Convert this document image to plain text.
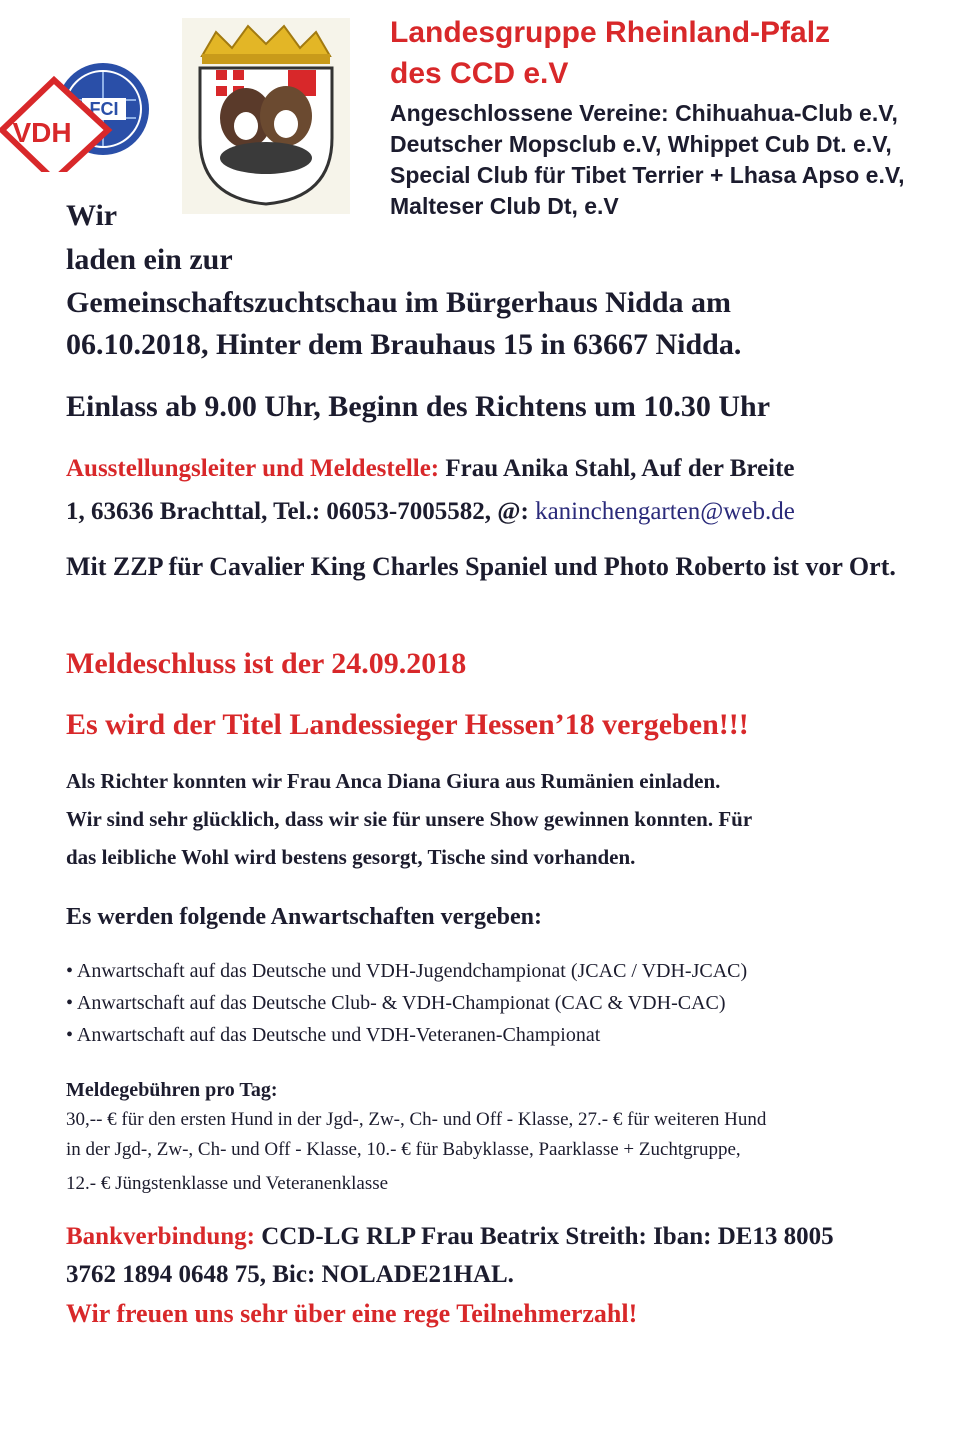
FCI
VDH
Landesgruppe Rheinland-Pfalz
des CCD e.V
Angeschlossene Vereine: Chihuahua-Club e.V, Deutscher Mopsclub e.V, Whippet Cub Dt. e.V, Special Club für Tibet Terrier + Lhasa Apso e.V, Malteser Club Dt, e.V
Wir
laden ein zur
Gemeinschaftszuchtschau im Bürgerhaus Nidda am
06.10.2018, Hinter dem Brauhaus 15 in 63667 Nidda.
Einlass ab 9.00 Uhr, Beginn des Richtens um 10.30 Uhr
Ausstellungsleiter und Meldestelle: Frau Anika Stahl, Auf der Breite
1, 63636 Brachttal, Tel.: 06053-7005582, @: kaninchengarten@web.de
Mit ZZP für Cavalier King Charles Spaniel und Photo Roberto ist vor Ort.
Meldeschluss ist der 24.09.2018
Es wird der Titel Landessieger Hessen’18 vergeben!!!
Als Richter konnten wir Frau Anca Diana Giura aus Rumänien einladen.
Wir sind sehr glücklich, dass wir sie für unsere Show gewinnen konnten. Für
das leibliche Wohl wird bestens gesorgt, Tische sind vorhanden.
Es werden folgende Anwartschaften vergeben:
• Anwartschaft auf das Deutsche und VDH-Jugendchampionat (JCAC / VDH-JCAC)
• Anwartschaft auf das Deutsche Club- & VDH-Championat (CAC & VDH-CAC)
• Anwartschaft auf das Deutsche und VDH-Veteranen-Championat
Meldegebühren pro Tag:
30,-- € für den ersten Hund in der Jgd-, Zw-, Ch- und Off - Klasse, 27.- € für weiteren Hund
in der Jgd-, Zw-, Ch- und Off - Klasse, 10.- € für Babyklasse, Paarklasse + Zuchtgruppe,
12.- € Jüngstenklasse und Veteranenklasse
Bankverbindung: CCD-LG RLP Frau Beatrix Streith: Iban: DE13 8005
3762 1894 0648 75, Bic: NOLADE21HAL.
Wir freuen uns sehr über eine rege Teilnehmerzahl!
